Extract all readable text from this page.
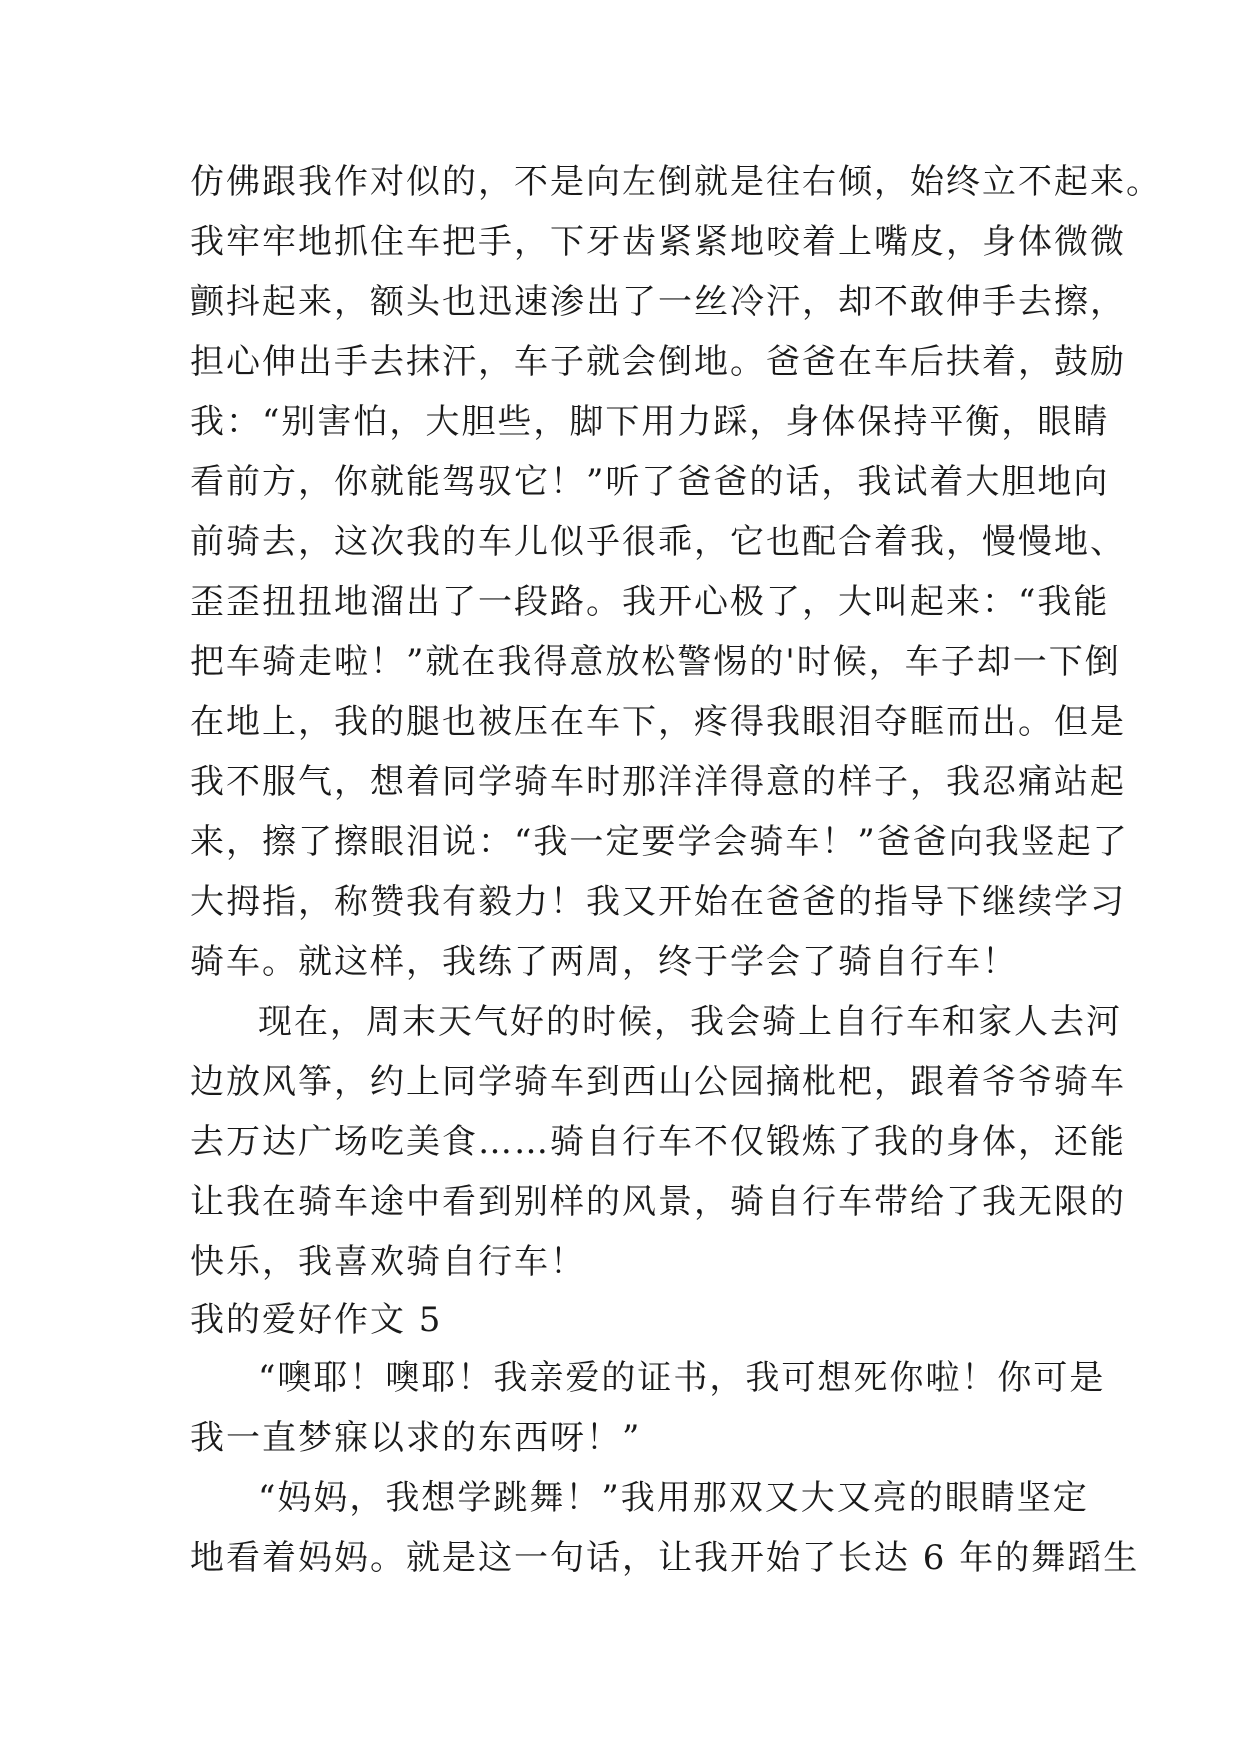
仿佛跟我作对似的，不是向左倒就是往右倾，始终立不起来。
我牢牢地抓住车把手，下牙齿紧紧地咬着上嘴皮，身体微微
颤抖起来，额头也迅速渗出了一丝冷汗，却不敢伸手去擦，
担心伸出手去抹汗，车子就会倒地。爸爸在车后扶着，鼓励
我：“别害怕，大胆些，脚下用力踩，身体保持平衡，眼睛
看前方，你就能驾驭它！”听了爸爸的话，我试着大胆地向
前骑去，这次我的车儿似乎很乖，它也配合着我，慢慢地、
歪歪扭扭地溜出了一段路。我开心极了，大叫起来：“我能
把车骑走啦！”就在我得意放松警惕的'时候，车子却一下倒
在地上，我的腿也被压在车下，疼得我眼泪夺眶而出。但是
我不服气，想着同学骑车时那洋洋得意的样子，我忍痛站起
来，擦了擦眼泪说：“我一定要学会骑车！”爸爸向我竖起了
大拇指，称赞我有毅力！我又开始在爸爸的指导下继续学习
骑车。就这样，我练了两周，终于学会了骑自行车！
现在，周末天气好的时候，我会骑上自行车和家人去河
边放风筝，约上同学骑车到西山公园摘枇杷，跟着爷爷骑车
去万达广场吃美食……骑自行车不仅锻炼了我的身体，还能
让我在骑车途中看到别样的风景，骑自行车带给了我无限的
快乐，我喜欢骑自行车！
我的爱好作文 5
“噢耶！噢耶！我亲爱的证书，我可想死你啦！你可是
我一直梦寐以求的东西呀！”
“妈妈，我想学跳舞！”我用那双又大又亮的眼睛坚定
地看着妈妈。就是这一句话，让我开始了长达 6 年的舞蹈生
